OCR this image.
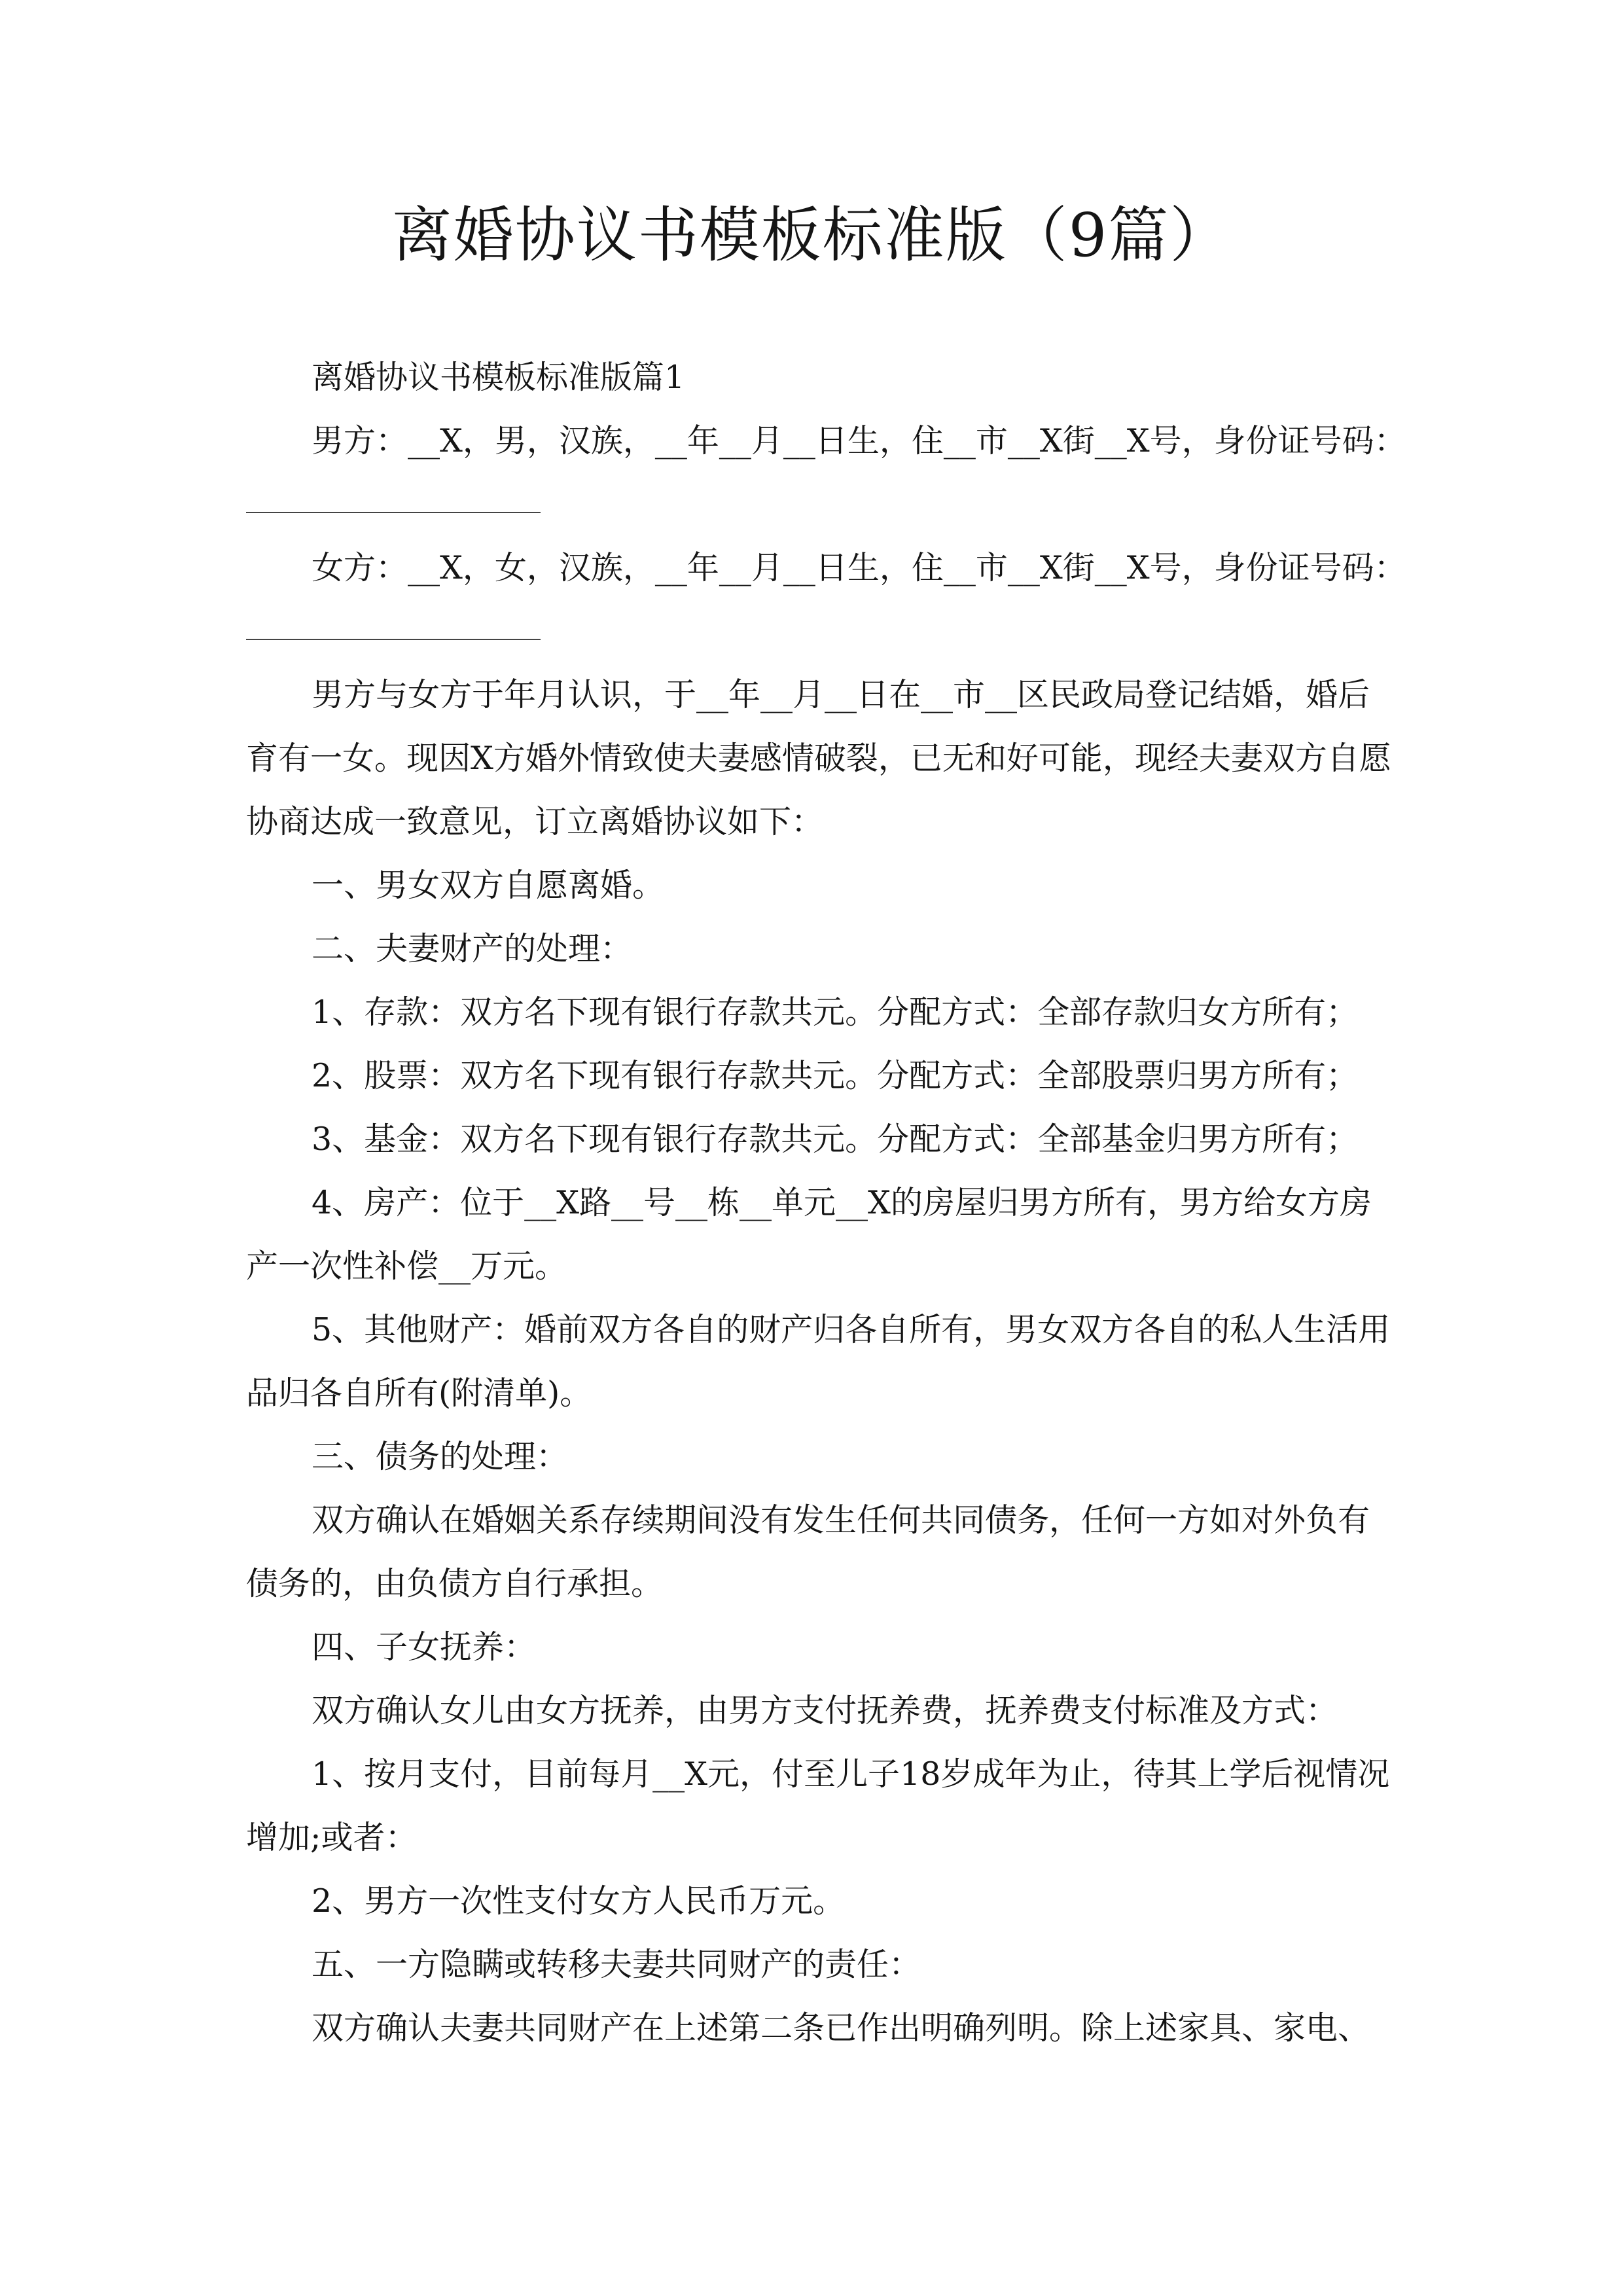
离婚协议书模板标准版（9篇）

离婚协议书模板标准版篇1

男方：__X，男，汉族，__年__月__日生，住__市__X街__X号，身份证号码：

女方：__X，女，汉族，__年__月__日生，住__市__X街__X号，身份证号码：

男方与女方于年月认识，于__年__月__日在__市__区民政局登记结婚，婚后育有一女。现因X方婚外情致使夫妻感情破裂，已无和好可能，现经夫妻双方自愿协商达成一致意见，订立离婚协议如下：

一、男女双方自愿离婚。

二、夫妻财产的处理：

1、存款：双方名下现有银行存款共元。分配方式：全部存款归女方所有；

2、股票：双方名下现有银行存款共元。分配方式：全部股票归男方所有；

3、基金：双方名下现有银行存款共元。分配方式：全部基金归男方所有；

4、房产：位于__X路__号__栋__单元__X的房屋归男方所有，男方给女方房产一次性补偿__万元。

5、其他财产：婚前双方各自的财产归各自所有，男女双方各自的私人生活用品归各自所有(附清单)。

三、债务的处理：

双方确认在婚姻关系存续期间没有发生任何共同债务，任何一方如对外负有债务的，由负债方自行承担。

四、子女抚养：

双方确认女儿由女方抚养，由男方支付抚养费，抚养费支付标准及方式：

1、按月支付，目前每月__X元，付至儿子18岁成年为止，待其上学后视情况增加;或者：

2、男方一次性支付女方人民币万元。

五、一方隐瞒或转移夫妻共同财产的责任：

双方确认夫妻共同财产在上述第二条已作出明确列明。除上述家具、家电、
